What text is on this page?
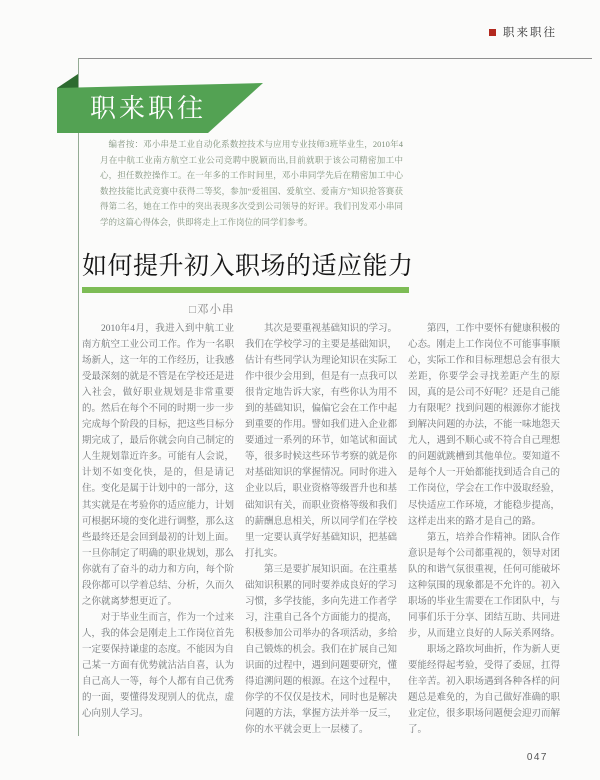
职来职往
职来职往
编者按：邓小串是工业自动化系数控技术与应用专业技师3班毕业生，2010年4月在中航工业南方航空工业公司竞聘中脱颖而出,目前就职于该公司精密加工中心，担任数控操作工。在一年多的工作时间里，邓小串同学先后在精密加工中心数控技能比武竞赛中获得二等奖，参加“爱祖国、爱航空、爱南方”知识抢答赛获得第二名，她在工作中的突出表现多次受到公司领导的好评。我们刊发邓小串同学的这篇心得体会，供即将走上工作岗位的同学们参考。
如何提升初入职场的适应能力
□邓小串

2010年4月，我进入到中航工业南方航空工业公司工作。作为一名职场新人，这一年的工作经历，让我感受最深刻的就是不管是在学校还是进入社会，做好职业规划是非常重要的。然后在每个不同的时期一步一步完成每个阶段的目标，把这些目标分期完成了，最后你就会向自己制定的人生规划靠近许多。可能有人会说，计划不如变化快，是的，但是请记住。变化是属于计划中的一部分，这其实就是在考验你的适应能力，计划可根据环境的变化进行调整，那么这些最终还是会回到最初的计划上面。一旦你制定了明确的职业规划，那么你就有了奋斗的动力和方向，每个阶段你都可以学着总结、分析，久而久之你就离梦想更近了。

对于毕业生而言，作为一个过来人，我的体会是刚走上工作岗位首先一定要保持谦虚的态度。不能因为自己某一方面有优势就沾沾自喜，认为自己高人一等，每个人都有自己优秀的一面，要懂得发现别人的优点，虚心向别人学习。

其次是要重视基础知识的学习。我们在学校学习的主要是基础知识，估计有些同学认为理论知识在实际工作中很少会用到，但是有一点我可以很肯定地告诉大家，有些你认为用不到的基础知识，偏偏它会在工作中起到重要的作用。譬如我们进入企业都要通过一系列的环节，如笔试和面试等，很多时候这些环节考察的就是你对基础知识的掌握情况。同时你进入企业以后，职业资格等级晋升也和基础知识有关，而职业资格等级和我们的薪酬息息相关，所以同学们在学校里一定要认真学好基础知识，把基础打扎实。

第三是要扩展知识面。在注重基础知识积累的同时要养成良好的学习习惯，多学技能，多向先进工作者学习，注重自己各个方面能力的提高，积极参加公司举办的各项活动，多给自己锻炼的机会。我们在扩展自己知识面的过程中，遇到问题要研究，懂得追溯问题的根源。在这个过程中，你学的不仅仅是技术，同时也是解决问题的方法，掌握方法并举一反三，你的水平就会更上一层楼了。

第四，工作中要怀有健康积极的心态。刚走上工作岗位不可能事事顺心，实际工作和目标理想总会有很大差距，你要学会寻找差距产生的原因，真的是公司不好呢？还是自己能力有限呢？找到问题的根源你才能找到解决问题的办法，不能一味地怨天尤人，遇到不顺心或不符合自己理想的问题就跳槽到其他单位。要知道不是每个人一开始都能找到适合自己的工作岗位，学会在工作中汲取经验，尽快适应工作环境，才能稳步提高，这样走出来的路才是自己的路。

第五，培养合作精神。团队合作意识是每个公司都重视的，领导对团队的和谐气氛很重视，任何可能破坏这种氛围的现象都是不允许的。初入职场的毕业生需要在工作团队中，与同事们乐于分享、团结互助、共同进步，从而建立良好的人际关系网络。

职场之路坎坷曲折，作为新人更要能经得起考验，受得了委屈，扛得住辛苦。初入职场遇到各种各样的问题总是难免的，为自己做好准确的职业定位，很多职场问题便会迎刃而解了。

047
